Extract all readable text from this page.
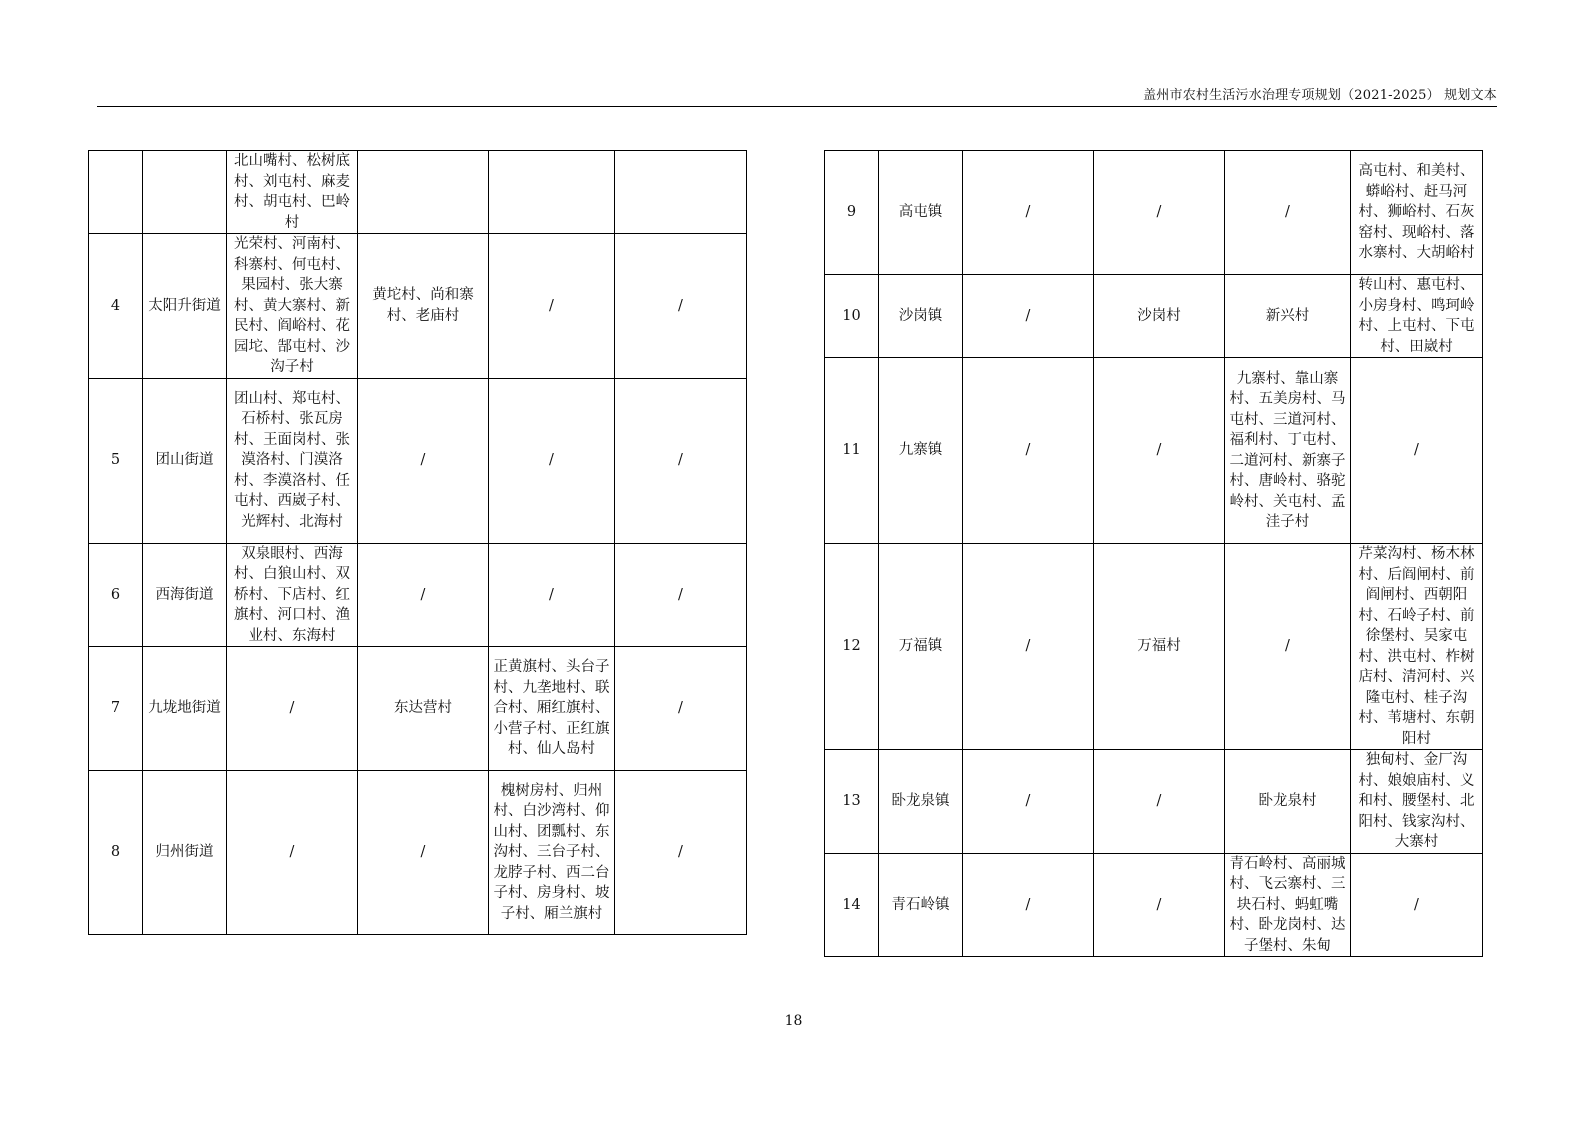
盖州市农村生活污水治理专项规划（2021-2025） 规划文本
		北山嘴村、松树底村、刘屯村、麻麦村、胡屯村、巴岭村			
4	太阳升街道	光荣村、河南村、科寨村、何屯村、果园村、张大寨村、黄大寨村、新民村、阎峪村、花园坨、郜屯村、沙沟子村	黄坨村、尚和寨村、老庙村	/	/
5	团山街道	团山村、郑屯村、石桥村、张瓦房村、王面岗村、张漠洛村、门漠洛村、李漠洛村、任屯村、西崴子村、光辉村、北海村	/	/	/
6	西海街道	双泉眼村、西海村、白狼山村、双桥村、下店村、红旗村、河口村、渔业村、东海村	/	/	/
7	九垅地街道	/	东达营村	正黄旗村、头台子村、九垄地村、联合村、厢红旗村、小营子村、正红旗村、仙人岛村	/
8	归州街道	/	/	槐树房村、归州村、白沙湾村、仰山村、团瓢村、东沟村、三台子村、龙脖子村、西二台子村、房身村、坡子村、厢兰旗村	/
9	高屯镇	/	/	/	高屯村、和美村、蟒峪村、赶马河村、狮峪村、石灰窑村、现峪村、落水寨村、大胡峪村
10	沙岗镇	/	沙岗村	新兴村	转山村、惠屯村、小房身村、鸣珂岭村、上屯村、下屯村、田崴村
11	九寨镇	/	/	九寨村、靠山寨村、五美房村、马屯村、三道河村、福利村、丁屯村、二道河村、新寨子村、唐岭村、骆驼岭村、关屯村、孟洼子村	/
12	万福镇	/	万福村	/	芹菜沟村、杨木林村、后阎闸村、前阎闸村、西朝阳村、石岭子村、前徐堡村、吴家屯村、洪屯村、柞树店村、清河村、兴隆屯村、桂子沟村、苇塘村、东朝阳村
13	卧龙泉镇	/	/	卧龙泉村	独甸村、金厂沟村、娘娘庙村、义和村、腰堡村、北阳村、钱家沟村、大寨村
14	青石岭镇	/	/	青石岭村、高丽城村、飞云寨村、三块石村、蚂虹嘴村、卧龙岗村、达子堡村、朱甸	/
18
